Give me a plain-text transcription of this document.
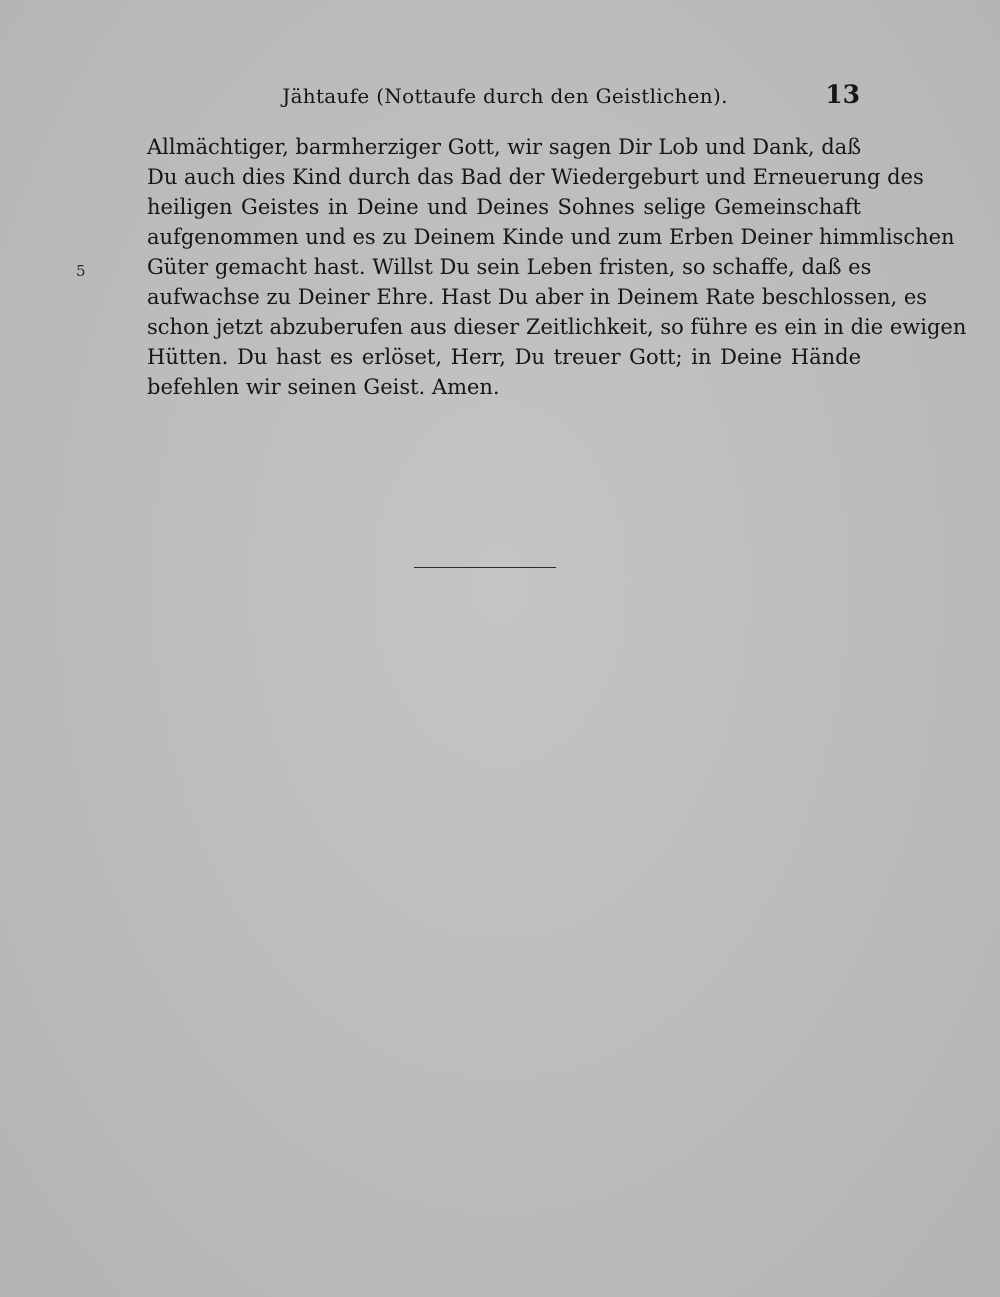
Jähtaufe (Nottaufe durch den Geistlichen).	13
5
Allmächtiger, barmherziger Gott, wir sagen Dir Lob und Dank, daß
Du auch dies Kind durch das Bad der Wiedergeburt und Erneuerung des
heiligen Geistes in Deine und Deines Sohnes selige Gemeinschaft
aufgenommen und es zu Deinem Kinde und zum Erben Deiner himmlischen
Güter gemacht hast. Willst Du sein Leben fristen, so schaffe, daß es
aufwachse zu Deiner Ehre. Hast Du aber in Deinem Rate beschlossen, es
schon jetzt abzuberufen aus dieser Zeitlichkeit, so führe es ein in die ewigen
Hütten. Du hast es erlöset, Herr, Du treuer Gott; in Deine Hände
befehlen wir seinen Geist. Amen.
